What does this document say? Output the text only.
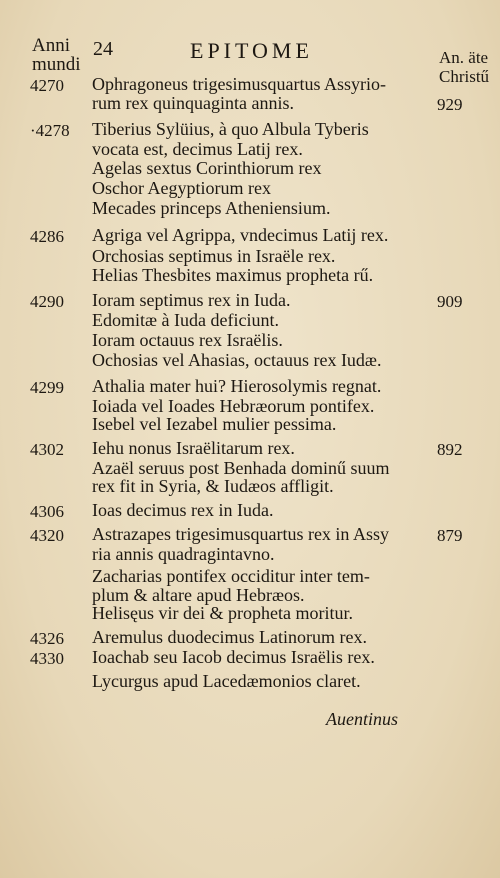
Anni
mundi
24	EPITOME	An. äte
Christű
4270	Ophragoneus trigesimusquartus Assyrio-
rum rex quinquaginta annis.	929
·4278	Tiberius Sylüius, à quo Albula Tyberis
vocata est, decimus Latij rex.
Agelas sextus Corinthiorum rex
Oschor Aegyptiorum rex
Mecades princeps Atheniensium.
4286	Agriga vel Agrippa, vndecimus Latij rex.
Orchosias septimus in Israële rex.
Helias Thesbites maximus propheta rű.
4290	Ioram septimus rex in Iuda.	909
Edomitæ à Iuda deficiunt.
Ioram octauus rex Israëlis.
Ochosias vel Ahasias, octauus rex Iudæ.
4299	Athalia mater hui? Hierosolymis regnat.
Ioiada vel Ioades Hebræorum pontifex.
Isebel vel Iezabel mulier pessima.
4302	Iehu nonus Israëlitarum rex.	892
Azaël seruus post Benhada dominű suum
rex fit in Syria, & Iudæos affligit.
4306	Ioas decimus rex in Iuda.
4320	Astrazapes trigesimusquartus rex in Assy	879
ria annis quadragintavno.
Zacharias pontifex occiditur inter tem-
plum & altare apud Hebræos.
Helisęus vir dei & propheta moritur.
4326	Aremulus duodecimus Latinorum rex.
4330	Ioachab seu Iacob decimus Israëlis rex.
Lycurgus apud Lacedæmonios claret.
Auentinus
